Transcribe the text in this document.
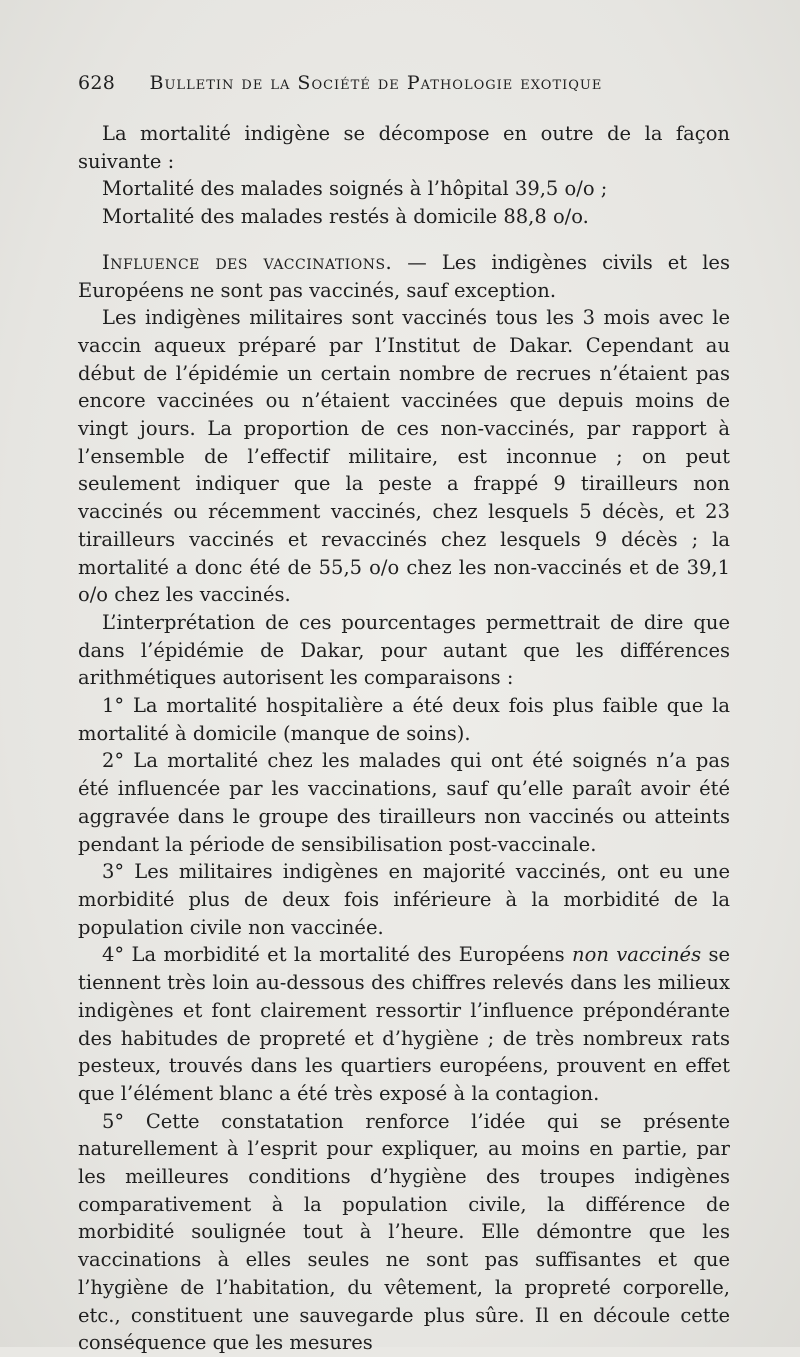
628 Bulletin de la Société de Pathologie exotique

La mortalité indigène se décompose en outre de la façon suivante :

Mortalité des malades soignés à l’hôpital 39,5 o/o ;

Mortalité des malades restés à domicile 88,8 o/o.

Influence des vaccinations. — Les indigènes civils et les Européens ne sont pas vaccinés, sauf exception.

Les indigènes militaires sont vaccinés tous les 3 mois avec le vaccin aqueux préparé par l’Institut de Dakar. Cependant au début de l’épidémie un certain nombre de recrues n’étaient pas encore vaccinées ou n’étaient vaccinées que depuis moins de vingt jours. La proportion de ces non-vaccinés, par rapport à l’ensemble de l’effectif militaire, est inconnue ; on peut seulement indiquer que la peste a frappé 9 tirailleurs non vaccinés ou récemment vaccinés, chez lesquels 5 décès, et 23 tirailleurs vaccinés et revaccinés chez lesquels 9 décès ; la mortalité a donc été de 55,5 o/o chez les non-vaccinés et de 39,1 o/o chez les vaccinés.

L’interprétation de ces pourcentages permettrait de dire que dans l’épidémie de Dakar, pour autant que les différences arithmétiques autorisent les comparaisons :

1° La mortalité hospitalière a été deux fois plus faible que la mortalité à domicile (manque de soins).

2° La mortalité chez les malades qui ont été soignés n’a pas été influencée par les vaccinations, sauf qu’elle paraît avoir été aggravée dans le groupe des tirailleurs non vaccinés ou atteints pendant la période de sensibilisation post-vaccinale.

3° Les militaires indigènes en majorité vaccinés, ont eu une morbidité plus de deux fois inférieure à la morbidité de la population civile non vaccinée.

4° La morbidité et la mortalité des Européens non vaccinés se tiennent très loin au-dessous des chiffres relevés dans les milieux indigènes et font clairement ressortir l’influence prépondérante des habitudes de propreté et d’hygiène ; de très nombreux rats pesteux, trouvés dans les quartiers européens, prouvent en effet que l’élément blanc a été très exposé à la contagion.

5° Cette constatation renforce l’idée qui se présente naturellement à l’esprit pour expliquer, au moins en partie, par les meilleures conditions d’hygiène des troupes indigènes comparativement à la population civile, la différence de morbidité soulignée tout à l’heure. Elle démontre que les vaccinations à elles seules ne sont pas suffisantes et que l’hygiène de l’habitation, du vêtement, la propreté corporelle, etc., constituent une sauvegarde plus sûre. Il en découle cette conséquence que les mesures
